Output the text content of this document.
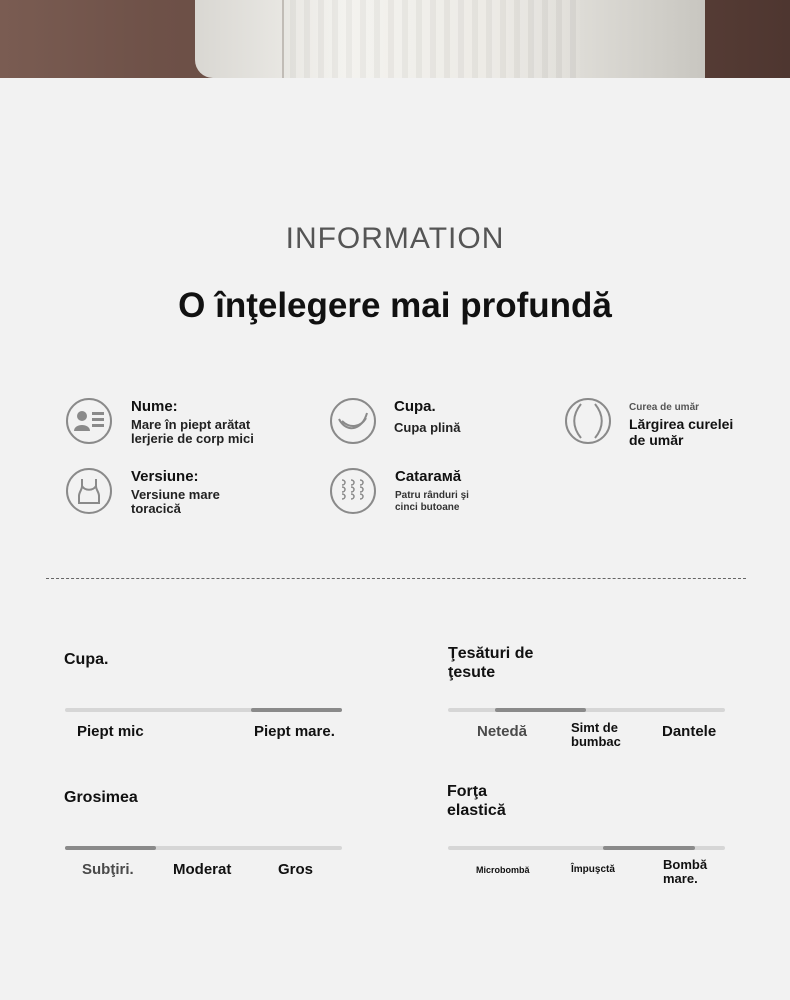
INFORMATION
O înţelegere mai profundă
Nume:
Mare în piept arătat lerjerie de corp mici
Cupa.
Cupa plină
Curea de umăr
Lărgirea curelei de umăr
Versiune:
Versiune mare toracică
Catarамă
Patru rânduri şi cinci butoane
Cupa.
Piept mic	Piept mare.
Ţesături de ţesute
Netedă	Simt de bumbac
Dantele
Grosimea
Subţiri.	Moderat	Gros
Forţa elastică
Microbombă	Împuşctă	Bombă mare.
